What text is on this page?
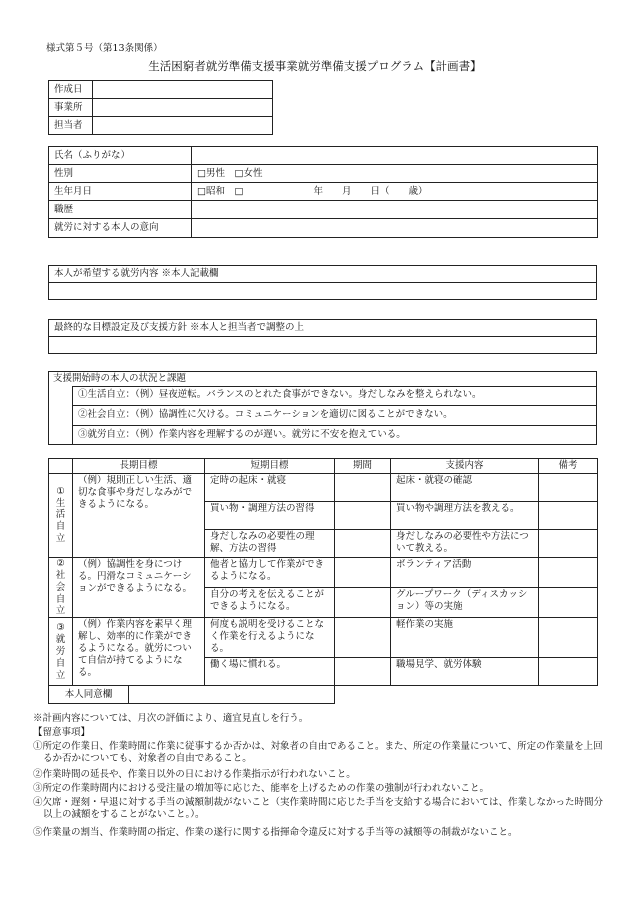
様式第５号（第13条関係）
生活困窮者就労準備支援事業就労準備支援プログラム【計画書】
作成日	
事業所	
担当者	
氏名（ふりがな）	
性別	□男性　□女性
生年月日	□昭和　□ 年　　月　　日（　　歳）
職歴	
就労に対する本人の意向	
本人が希望する就労内容 ※本人記載欄

最終的な目標設定及び支援方針 ※本人と担当者で調整の上

支援開始時の本人の状況と課題
①生活自立：（例）昼夜逆転。バランスのとれた食事ができない。身だしなみを整えられない。
②社会自立：（例）協調性に欠ける。コミュニケーションを適切に図ることができない。
③就労自立：（例）作業内容を理解するのが遅い。就労に不安を抱えている。
	長期目標	短期目標	期間	支援内容	備考

①
生
活
自
立	（例）規則正しい生活、適切な食事や身だしなみができるようになる。	定時の起床・就寝		起床・就寝の確認	
		買い物・調理方法の習得		買い物や調理方法を教える。	
		身だしなみの必要性の理解、方法の習得		身だしなみの必要性や方法について教える。	

②
社
会
自
立	（例）協調性を身につける。円滑なコミュニケーションができるようになる。	他者と協力して作業ができるようになる。		ボランティア活動	
		自分の考えを伝えることができるようになる。		グループワーク（ディスカッション）等の実施	

③
就
労
自
立	（例）作業内容を素早く理解し、効率的に作業ができるようになる。就労について自信が持てるようになる。	何度も説明を受けることなく作業を行えるようになる。		軽作業の実施	
		働く場に慣れる。		職場見学、就労体験	
本人同意欄	
※計画内容については、月次の評価により、適宜見直しを行う。
【留意事項】
①所定の作業日、作業時間に作業に従事するか否かは、対象者の自由であること。また、所定の作業量について、所定の作業量を上回るか否かについても、対象者の自由であること。
②作業時間の延長や、作業日以外の日における作業指示が行われないこと。
③所定の作業時間内における受注量の増加等に応じた、能率を上げるための作業の強制が行われないこと。
④欠席・遅刻・早退に対する手当の減額制裁がないこと（実作業時間に応じた手当を支給する場合においては、作業しなかった時間分以上の減額をすることがないこと。）。
⑤作業量の割当、作業時間の指定、作業の遂行に関する指揮命令違反に対する手当等の減額等の制裁がないこと。
